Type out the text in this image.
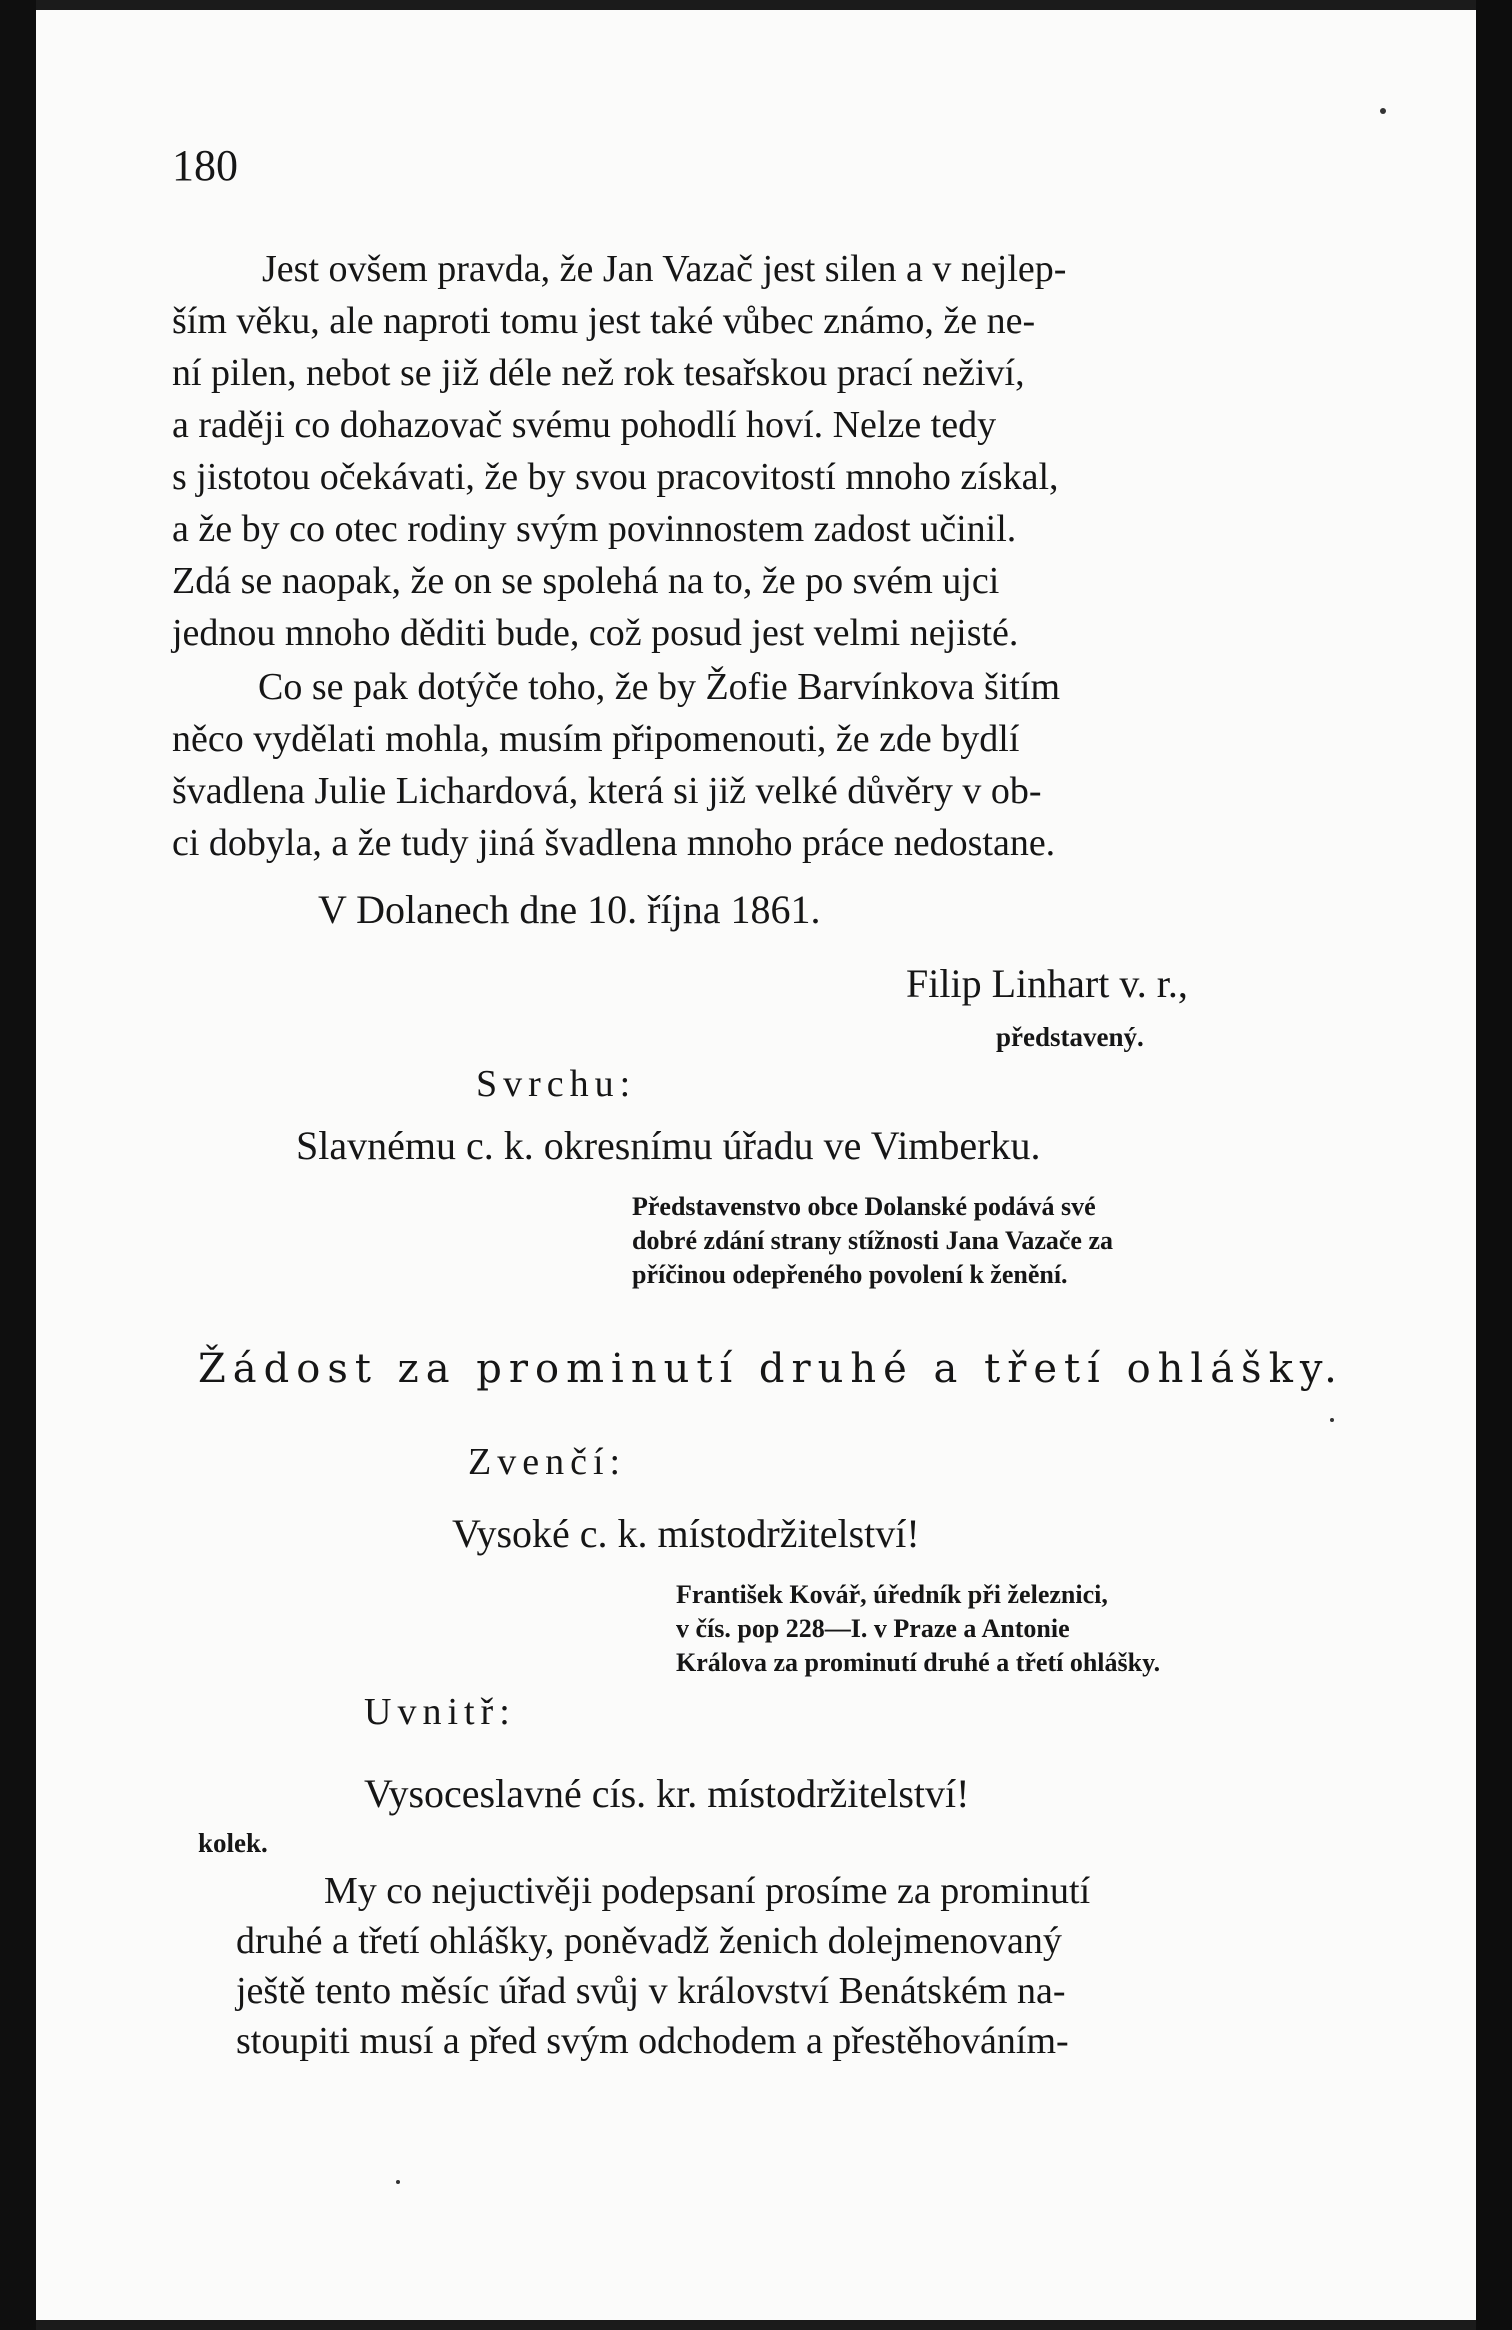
180
Jest ovšem pravda, že Jan Vazač jest silen a v nejlep-
ším věku, ale naproti tomu jest také vůbec známo, že ne-
ní pilen, nebot se již déle než rok tesařskou prací neživí,
a raději co dohazovač svému pohodlí hoví. Nelze tedy
s jistotou očekávati, že by svou pracovitostí mnoho získal,
a že by co otec rodiny svým povinnostem zadost učinil.
Zdá se naopak, že on se spolehá na to, že po svém ujci
jednou mnoho děditi bude, což posud jest velmi nejisté.
Co se pak dotýče toho, že by Žofie Barvínkova šitím
něco vydělati mohla, musím připomenouti, že zde bydlí
švadlena Julie Lichardová, která si již velké důvěry v ob-
ci dobyla, a že tudy jiná švadlena mnoho práce nedostane.
V Dolanech dne 10. října 1861.
Filip Linhart v. r.,
představený.
Svrchu:
Slavnému c. k. okresnímu úřadu ve Vimberku.
Představenstvo obce Dolanské podává své
dobré zdání strany stížnosti Jana Vazače za
příčinou odepřeného povolení k ženění.
Žádost za prominutí druhé a třetí ohlášky.
Zvenčí:
Vysoké c. k. místodržitelství!
František Kovář, úředník při železnici,
v čís. pop 228—I. v Praze a Antonie
Králova za prominutí druhé a třetí ohlášky.
Uvnitř:
Vysoceslavné cís. kr. místodržitelství!
kolek.
My co nejuctivěji podepsaní prosíme za prominutí
druhé a třetí ohlášky, poněvadž ženich dolejmenovaný
ještě tento měsíc úřad svůj v království Benátském na-
stoupiti musí a před svým odchodem a přestěhováním-
